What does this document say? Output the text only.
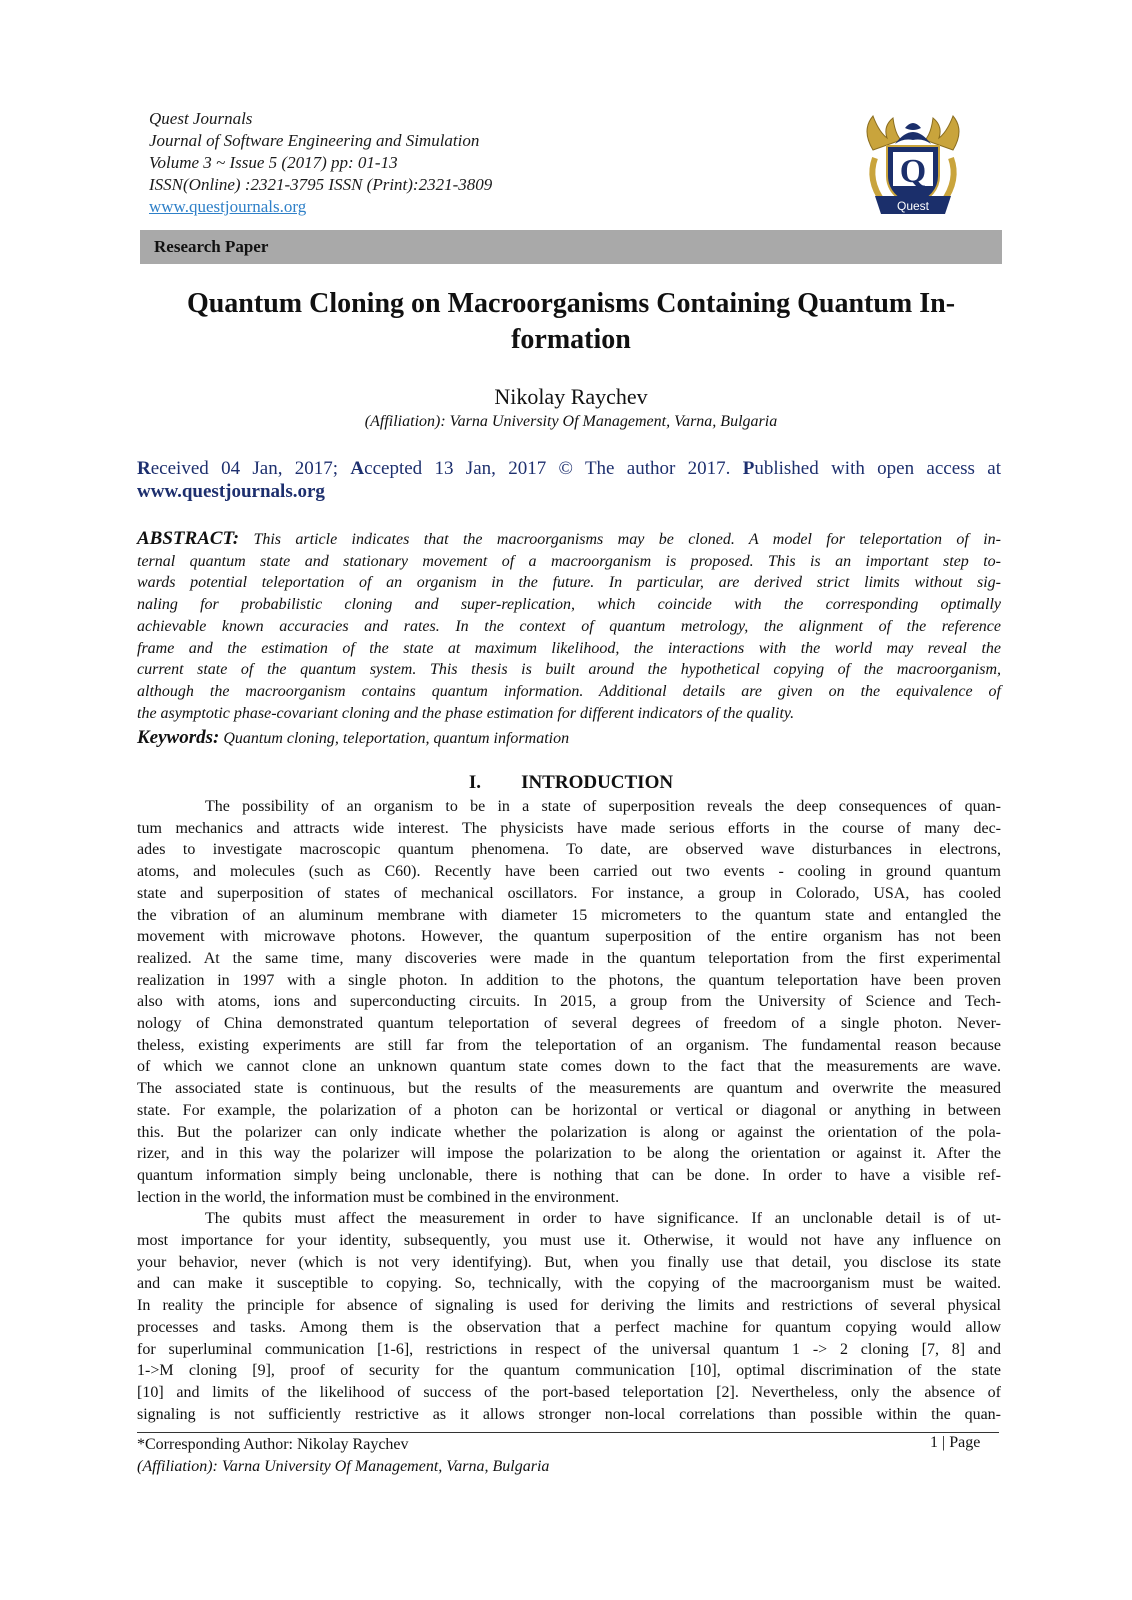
Quest Journals
Journal of Software Engineering and Simulation
Volume 3 ~ Issue 5 (2017) pp: 01-13
ISSN(Online) :2321-3795 ISSN (Print):2321-3809
www.questjournals.org
Q
Quest
Research Paper
Quantum Cloning on Macroorganisms Containing Quantum In-
formation
Nikolay Raychev
(Affiliation): Varna University Of Management, Varna, Bulgaria
Received 04 Jan, 2017; Accepted 13 Jan, 2017 © The author 2017. Published with open access at
www.questjournals.org
ABSTRACT: This article indicates that the macroorganisms may be cloned. A model for teleportation of in-
ternal quantum state and stationary movement of a macroorganism is proposed. This is an important step to-
wards potential teleportation of an organism in the future. In particular, are derived strict limits without sig-
naling for probabilistic cloning and super-replication, which coincide with the corresponding optimally
achievable known accuracies and rates. In the context of quantum metrology, the alignment of the reference
frame and the estimation of the state at maximum likelihood, the interactions with the world may reveal the
current state of the quantum system. This thesis is built around the hypothetical copying of the macroorganism,
although the macroorganism contains quantum information. Additional details are given on the equivalence of
the asymptotic phase-covariant cloning and the phase estimation for different indicators of the quality.
Keywords: Quantum cloning, teleportation, quantum information
I. INTRODUCTION
The possibility of an organism to be in a state of superposition reveals the deep consequences of quan-
tum mechanics and attracts wide interest. The physicists have made serious efforts in the course of many dec-
ades to investigate macroscopic quantum phenomena. To date, are observed wave disturbances in electrons,
atoms, and molecules (such as C60). Recently have been carried out two events - cooling in ground quantum
state and superposition of states of mechanical oscillators. For instance, a group in Colorado, USA, has cooled
the vibration of an aluminum membrane with diameter 15 micrometers to the quantum state and entangled the
movement with microwave photons. However, the quantum superposition of the entire organism has not been
realized. At the same time, many discoveries were made in the quantum teleportation from the first experimental
realization in 1997 with a single photon. In addition to the photons, the quantum teleportation have been proven
also with atoms, ions and superconducting circuits. In 2015, a group from the University of Science and Tech-
nology of China demonstrated quantum teleportation of several degrees of freedom of a single photon. Never-
theless, existing experiments are still far from the teleportation of an organism. The fundamental reason because
of which we cannot clone an unknown quantum state comes down to the fact that the measurements are wave.
The associated state is continuous, but the results of the measurements are quantum and overwrite the measured
state. For example, the polarization of a photon can be horizontal or vertical or diagonal or anything in between
this. But the polarizer can only indicate whether the polarization is along or against the orientation of the pola-
rizer, and in this way the polarizer will impose the polarization to be along the orientation or against it. After the
quantum information simply being unclonable, there is nothing that can be done. In order to have a visible ref-
lection in the world, the information must be combined in the environment.
The qubits must affect the measurement in order to have significance. If an unclonable detail is of ut-
most importance for your identity, subsequently, you must use it. Otherwise, it would not have any influence on
your behavior, never (which is not very identifying). But, when you finally use that detail, you disclose its state
and can make it susceptible to copying. So, technically, with the copying of the macroorganism must be waited.
In reality the principle for absence of signaling is used for deriving the limits and restrictions of several physical
processes and tasks. Among them is the observation that a perfect machine for quantum copying would allow
for superluminal communication [1-6], restrictions in respect of the universal quantum 1 -> 2 cloning [7, 8] and
1->M cloning [9], proof of security for the quantum communication [10], optimal discrimination of the state
[10] and limits of the likelihood of success of the port-based teleportation [2]. Nevertheless, only the absence of
signaling is not sufficiently restrictive as it allows stronger non-local correlations than possible within the quan-
*Corresponding Author: Nikolay Raychev
(Affiliation): Varna University Of Management, Varna, Bulgaria
1 | Page
